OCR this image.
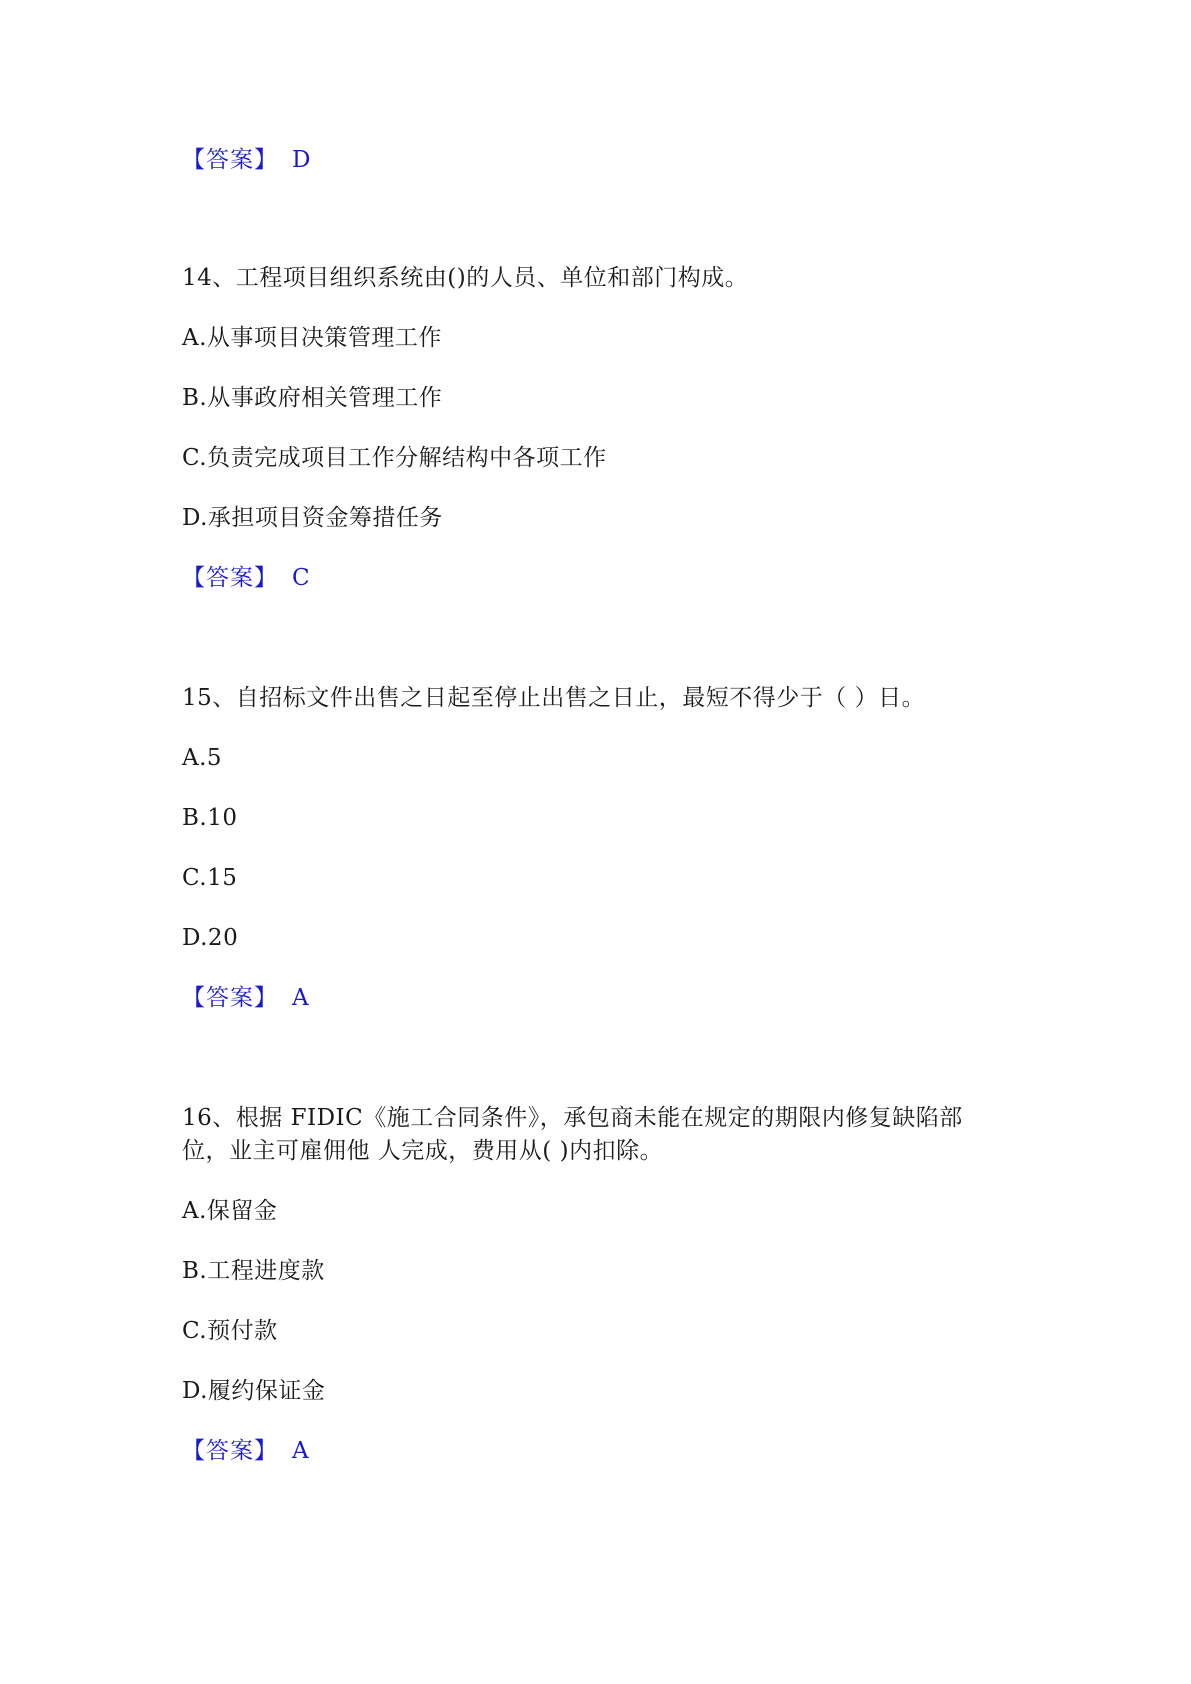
【答案】 D
14、工程项目组织系统由()的人员、单位和部门构成。
A.从事项目决策管理工作
B.从事政府相关管理工作
C.负责完成项目工作分解结构中各项工作
D.承担项目资金筹措任务
【答案】 C
15、自招标文件出售之日起至停止出售之日止，最短不得少于（ ）日。
A.5
B.10
C.15
D.20
【答案】 A
16、根据 FIDIC《施工合同条件》，承包商未能在规定的期限内修复缺陷部
位，业主可雇佣他 人完成，费用从( )内扣除。
A.保留金
B.工程进度款
C.预付款
D.履约保证金
【答案】 A
